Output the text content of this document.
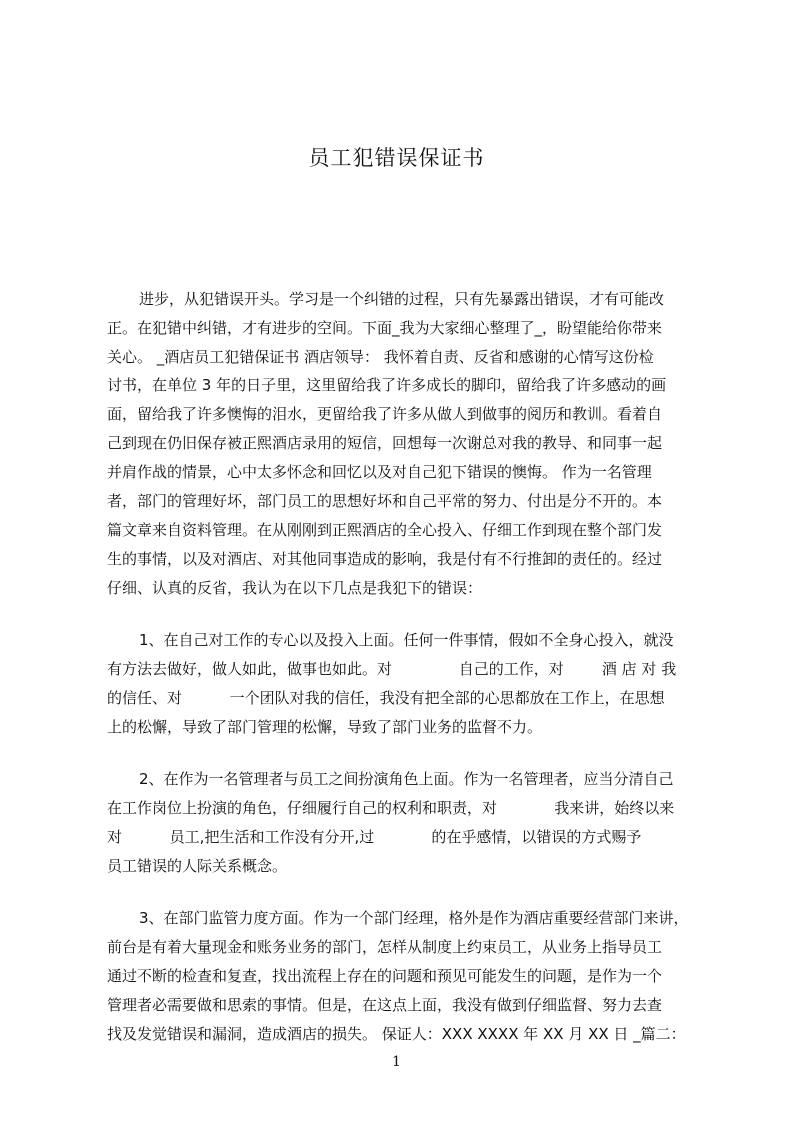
员工犯错误保证书

进步，从犯错误开头。学习是一个纠错的过程，只有先暴露出错误，才有可能改

正。在犯错中纠错，才有进步的空间。下面_我为大家细心整理了_，盼望能给你带来

关心。 _酒店员工犯错保证书 酒店领导： 我怀着自责、反省和感谢的心情写这份检

讨书，在单位 3 年的日子里，这里留给我了许多成长的脚印，留给我了许多感动的画

面，留给我了许多懊悔的泪水，更留给我了许多从做人到做事的阅历和教训。看着自

己到现在仍旧保存被正熙酒店录用的短信，回想每一次谢总对我的教导、和同事一起

并肩作战的情景，心中太多怀念和回忆以及对自己犯下错误的懊悔。 作为一名管理

者，部门的管理好坏，部门员工的思想好坏和自己平常的努力、付出是分不开的。本

篇文章来自资料管理。在从刚刚到正熙酒店的全心投入、仔细工作到现在整个部门发

生的事情，以及对酒店、对其他同事造成的影响，我是付有不行推卸的责任的。经过

仔细、认真的反省，我认为在以下几点是我犯下的错误：

1、在自己对工作的专心以及投入上面。任何一件事情，假如不全身心投入，就没

有方法去做好，做人如此，做事也如此。对              自己的工作，对        酒 店 对 我

的信任、对          一个团队对我的信任，我没有把全部的心思都放在工作上，在思想

上的松懈，导致了部门管理的松懈，导致了部门业务的监督不力。

2、在作为一名管理者与员工之间扮演角色上面。作为一名管理者，应当分清自己

在工作岗位上扮演的角色，仔细履行自己的权利和职责，对            我来讲，始终以来

对          员工,把生活和工作没有分开,过            的在乎感情，以错误的方式赐予

员工错误的人际关系概念。

3、在部门监管力度方面。作为一个部门经理，格外是作为酒店重要经营部门来讲，

前台是有着大量现金和账务业务的部门，怎样从制度上约束员工，从业务上指导员工

通过不断的检查和复查，找出流程上存在的问题和预见可能发生的问题，是作为一个

管理者必需要做和思索的事情。但是，在这点上面，我没有做到仔细监督、努力去查

找及发觉错误和漏洞，造成酒店的损失。 保证人：XXX XXXX 年 XX 月 XX 日 _篇二：

1
